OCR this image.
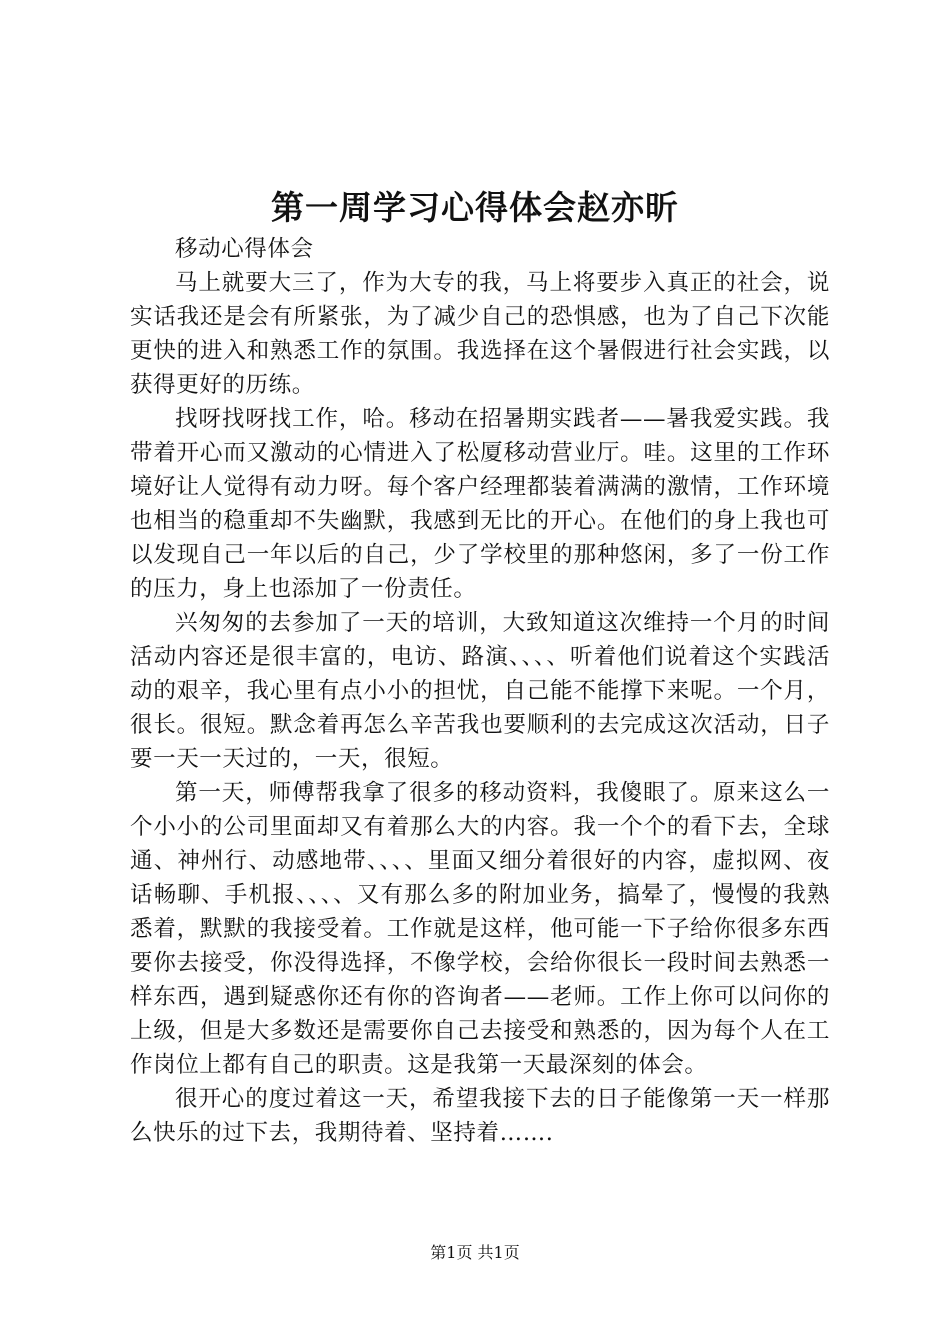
第一周学习心得体会赵亦昕

移动心得体会

马上就要大三了，作为大专的我，马上将要步入真正的社会，说实话我还是会有所紧张，为了减少自己的恐惧感，也为了自己下次能更快的进入和熟悉工作的氛围。我选择在这个暑假进行社会实践，以获得更好的历练。

找呀找呀找工作，哈。移动在招暑期实践者——暑我爱实践。我带着开心而又激动的心情进入了松厦移动营业厅。哇。这里的工作环境好让人觉得有动力呀。每个客户经理都装着满满的激情，工作环境也相当的稳重却不失幽默，我感到无比的开心。在他们的身上我也可以发现自己一年以后的自己，少了学校里的那种悠闲，多了一份工作的压力，身上也添加了一份责任。

兴匆匆的去参加了一天的培训，大致知道这次维持一个月的时间活动内容还是很丰富的，电访、路演、、、、听着他们说着这个实践活动的艰辛，我心里有点小小的担忧，自己能不能撑下来呢。一个月，很长。很短。默念着再怎么辛苦我也要顺利的去完成这次活动，日子要一天一天过的，一天，很短。

第一天，师傅帮我拿了很多的移动资料，我傻眼了。原来这么一个小小的公司里面却又有着那么大的内容。我一个个的看下去，全球通、神州行、动感地带、、、、里面又细分着很好的内容，虚拟网、夜话畅聊、手机报、、、、又有那么多的附加业务，搞晕了，慢慢的我熟悉着，默默的我接受着。工作就是这样，他可能一下子给你很多东西要你去接受，你没得选择，不像学校，会给你很长一段时间去熟悉一样东西，遇到疑惑你还有你的咨询者——老师。工作上你可以问你的上级，但是大多数还是需要你自己去接受和熟悉的，因为每个人在工作岗位上都有自己的职责。这是我第一天最深刻的体会。

很开心的度过着这一天，希望我接下去的日子能像第一天一样那么快乐的过下去，我期待着、坚持着…….

第1页 共1页
